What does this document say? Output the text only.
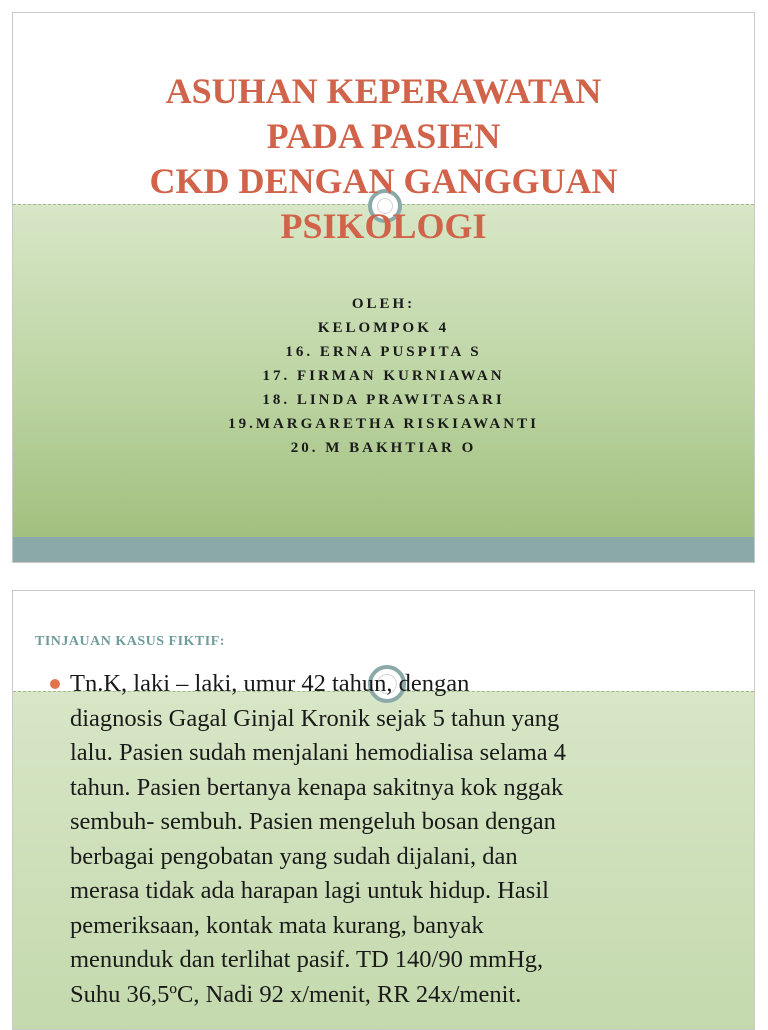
ASUHAN KEPERAWATAN
PADA PASIEN
CKD DENGAN GANGGUAN
PSIKOLOGI
OLEH:
KELOMPOK 4
16. ERNA PUSPITA S
17. FIRMAN KURNIAWAN
18. LINDA PRAWITASARI
19.MARGARETHA RISKIAWANTI
20. M BAKHTIAR O
TINJAUAN KASUS FIKTIF:
Tn.K, laki – laki, umur 42 tahun, dengan
diagnosis Gagal Ginjal Kronik sejak 5 tahun yang
lalu. Pasien sudah menjalani hemodialisa selama 4
tahun. Pasien bertanya kenapa sakitnya kok nggak
sembuh- sembuh. Pasien mengeluh bosan dengan
berbagai pengobatan yang sudah dijalani, dan
merasa tidak ada harapan lagi untuk hidup. Hasil
pemeriksaan, kontak mata kurang, banyak
menunduk dan terlihat pasif. TD 140/90 mmHg,
Suhu 36,5ºC, Nadi 92 x/menit, RR 24x/menit.
